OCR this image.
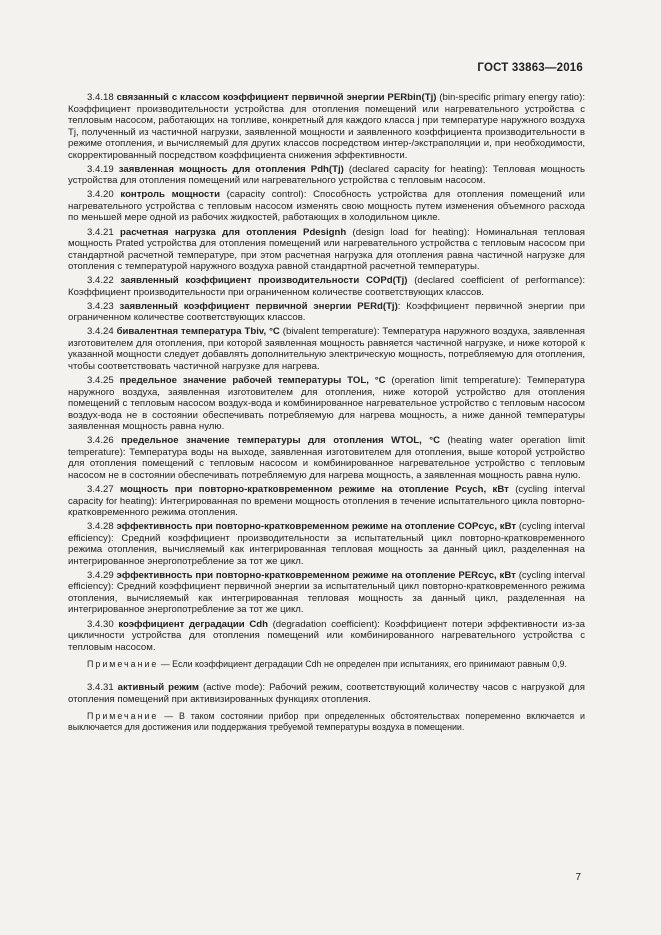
ГОСТ 33863—2016

3.4.18 связанный с классом коэффициент первичной энергии PERbin(Tj) (bin-specific primary energy ratio): Коэффициент производительности устройства для отопления помещений или нагревательного устройства с тепловым насосом, работающих на топливе, конкретный для каждого класса j при температуре наружного воздуха Tj, полученный из частичной нагрузки, заявленной мощности и заявленного коэффициента производительности в режиме отопления, и вычисляемый для других классов посредством интер-/экстраполяции и, при необходимости, скорректированный посредством коэффициента снижения эффективности.

3.4.19 заявленная мощность для отопления Pdh(Tj) (declared capacity for heating): Тепловая мощность устройства для отопления помещений или нагревательного устройства с тепловым насосом.

3.4.20 контроль мощности (capacity control): Способность устройства для отопления помещений или нагревательного устройства с тепловым насосом изменять свою мощность путем изменения объемного расхода по меньшей мере одной из рабочих жидкостей, работающих в холодильном цикле.

3.4.21 расчетная нагрузка для отопления Pdesignh (design load for heating): Номинальная тепловая мощность Prated устройства для отопления помещений или нагревательного устройства с тепловым насосом при стандартной расчетной температуре, при этом расчетная нагрузка для отопления равна частичной нагрузке для отопления с температурой наружного воздуха равной стандартной расчетной температуры.

3.4.22 заявленный коэффициент производительности COPd(Tj) (declared coefficient of performance): Коэффициент производительности при ограниченном количестве соответствующих классов.

3.4.23 заявленный коэффициент первичной энергии PERd(Tj): Коэффициент первичной энергии при ограниченном количестве соответствующих классов.

3.4.24 бивалентная температура Tbiv, °С (bivalent temperature): Температура наружного воздуха, заявленная изготовителем для отопления, при которой заявленная мощность равняется частичной нагрузке, и ниже которой к указанной мощности следует добавлять дополнительную электрическую мощность, потребляемую для отопления, чтобы соответствовать частичной нагрузке для нагрева.

3.4.25 предельное значение рабочей температуры TOL, °С (operation limit temperature): Температура наружного воздуха, заявленная изготовителем для отопления, ниже которой устройство для отопления помещений с тепловым насосом воздух-вода и комбинированное нагревательное устройство с тепловым насосом воздух-вода не в состоянии обеспечивать потребляемую для нагрева мощность, а ниже данной температуры заявленная мощность равна нулю.

3.4.26 предельное значение температуры для отопления WTOL, °С (heating water operation limit temperature): Температура воды на выходе, заявленная изготовителем для отопления, выше которой устройство для отопления помещений с тепловым насосом и комбинированное нагревательное устройство с тепловым насосом не в состоянии обеспечивать потребляемую для нагрева мощность, а заявленная мощность равна нулю.

3.4.27 мощность при повторно-кратковременном режиме на отопление Pcych, кВт (cycling interval capacity for heating): Интегрированная по времени мощность отопления в течение испытательного цикла повторно-кратковременного режима отопления.

3.4.28 эффективность при повторно-кратковременном режиме на отопление COPcyc, кВт (cycling interval efficiency): Средний коэффициент производительности за испытательный цикл повторно-кратковременного режима отопления, вычисляемый как интегрированная тепловая мощность за данный цикл, разделенная на интегрированное энергопотребление за тот же цикл.

3.4.29 эффективность при повторно-кратковременном режиме на отопление PERcyc, кВт (cycling interval efficiency): Средний коэффициент первичной энергии за испытательный цикл повторно-кратковременного режима отопления, вычисляемый как интегрированная тепловая мощность за данный цикл, разделенная на интегрированное энергопотребление за тот же цикл.

3.4.30 коэффициент деградации Cdh (degradation coefficient): Коэффициент потери эффективности из-за цикличности устройства для отопления помещений или комбинированного нагревательного устройства с тепловым насосом.

Примечание — Если коэффициент деградации Cdh не определен при испытаниях, его принимают равным 0,9.

3.4.31 активный режим (active mode): Рабочий режим, соответствующий количеству часов с нагрузкой для отопления помещений при активизированных функциях отопления.

Примечание — В таком состоянии прибор при определенных обстоятельствах попеременно включается и выключается для достижения или поддержания требуемой температуры воздуха в помещении.

7
